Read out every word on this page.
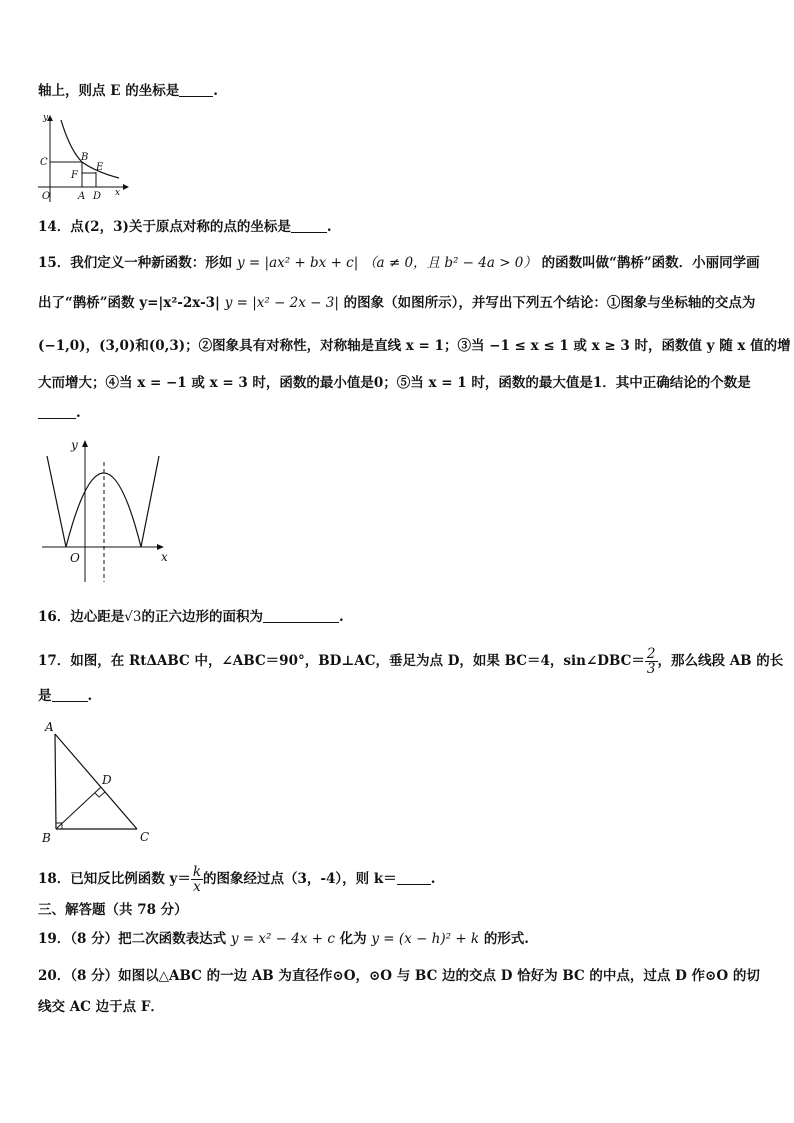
轴上，则点 E 的坐标是	.
y
C	B
E
F
O	A D x
14．点(2，3)关于原点对称的点的坐标是	.
15．我们定义一种新函数：形如 y = |ax² + bx + c| （a ≠ 0，且 b² − 4a > 0） 的函数叫做“鹊桥”函数．小丽同学画
出了“鹊桥”函数 y=|x²-2x-3| y = |x² − 2x − 3| 的图象（如图所示），并写出下列五个结论：①图象与坐标轴的交点为
(−1,0)，(3,0)和(0,3)；②图象具有对称性，对称轴是直线 x = 1；③当 −1 ≤ x ≤ 1 或 x ≥ 3 时，函数值 y 随 x 值的增
大而增大；④当 x = −1 或 x = 3 时，函数的最小值是0；⑤当 x = 1 时，函数的最大值是1．其中正确结论的个数是
.
y
O	x
16．边心距是√3的正六边形的面积为	.
17．如图，在 RtΔABC 中，∠ABC＝90°，BD⊥AC，垂足为点 D，如果 BC＝4，sin∠DBC＝ $\frac{2}{3}$ ，那么线段 AB 的长
是	.
A
D
B	C
18．已知反比例函数 $y= \frac{k}{x}$ 的图象经过点（3，-4），则 k＝	.
三、解答题（共 78 分）
19．（8 分）把二次函数表达式 y = x² − 4x + c 化为 y = (x − h)² + k 的形式.
20．（8 分）如图以△ABC 的一边 AB 为直径作⊙O，⊙O 与 BC 边的交点 D 恰好为 BC 的中点，过点 D 作⊙O 的切
线交 AC 边于点 F．
